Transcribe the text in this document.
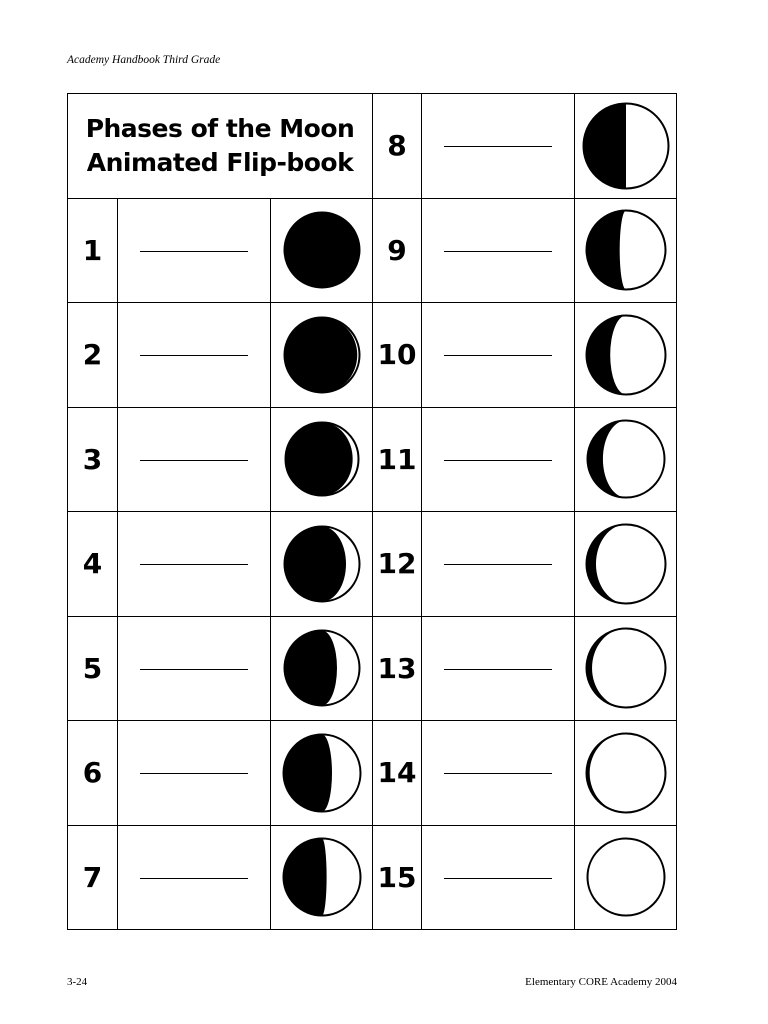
Academy Handbook Third Grade
Phases of the Moon
Animated Flip-book			8		

1			9		

2			10		

3			11		

4			12		

5			13		

6			14		

7			15		
3-24	Elementary CORE Academy 2004
